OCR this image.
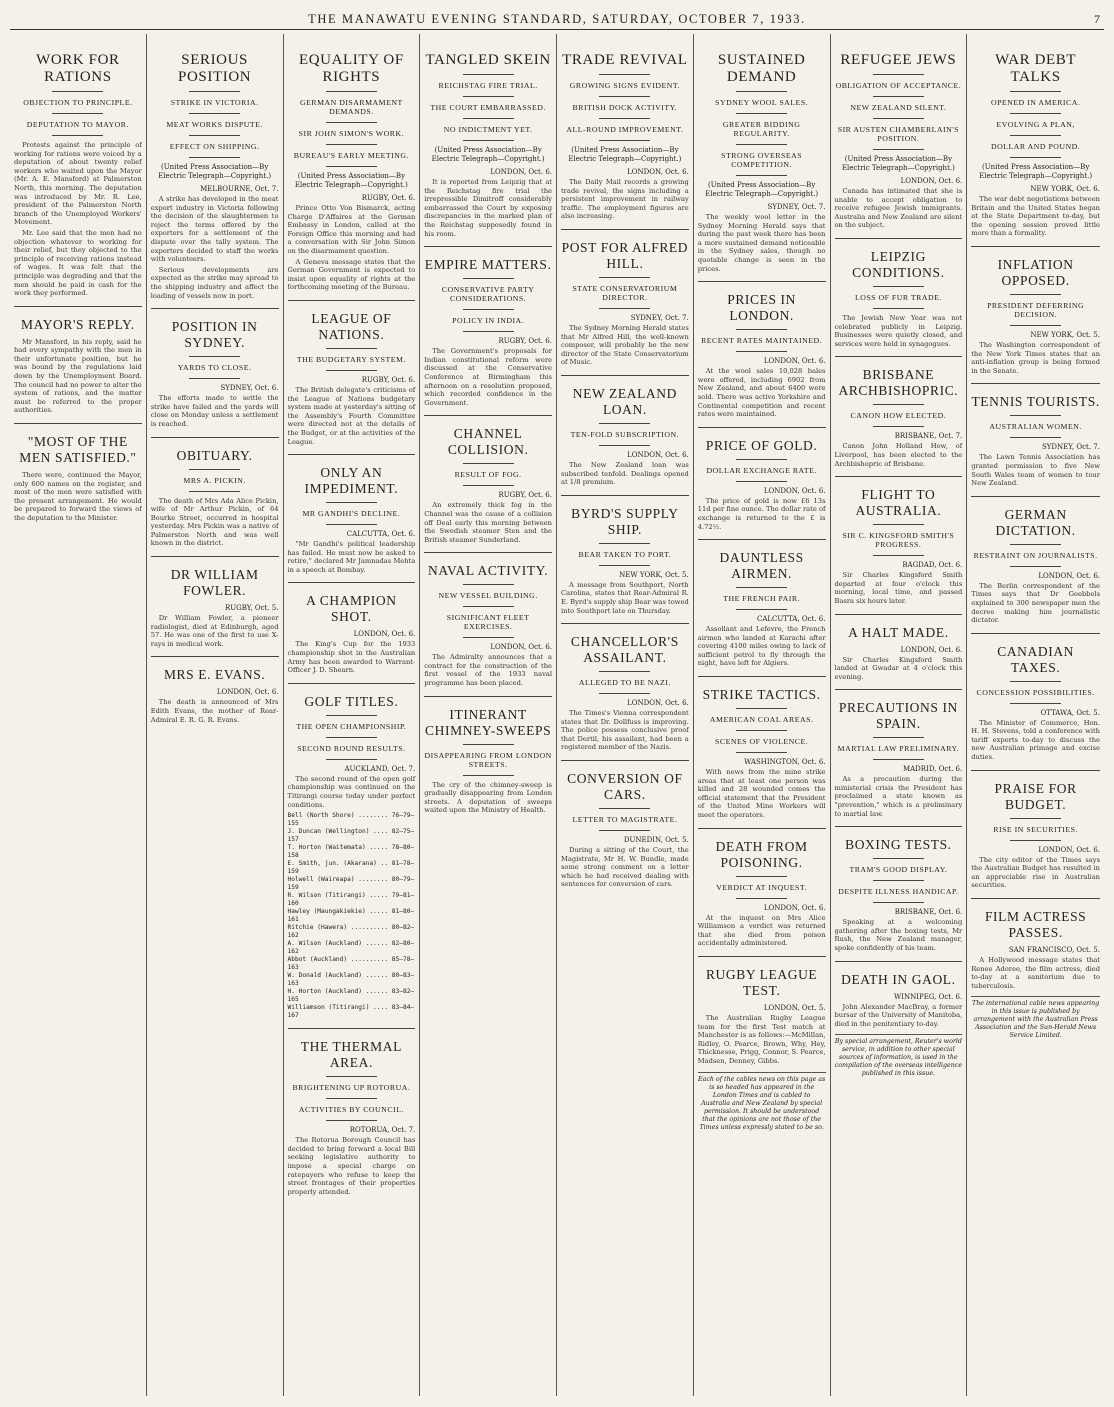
THE MANAWATU EVENING STANDARD, SATURDAY, OCTOBER 7, 1933.	7
WORK FOR RATIONS
OBJECTION TO PRINCIPLE.
DEPUTATION TO MAYOR.

Protests against the principle of working for rations were voiced by a deputation of about twenty relief workers who waited upon the Mayor (Mr. A. E. Mansford) at Palmerston North, this morning. The deputation was introduced by Mr. R. Lee, president of the Palmerston North branch of the Unemployed Workers' Movement.

Mr. Lee said that the men had no objection whatever to working for their relief, but they objected to the principle of receiving rations instead of wages. It was felt that the principle was degrading and that the men should be paid in cash for the work they performed.

MAYOR'S REPLY.

Mr Mansford, in his reply, said he had every sympathy with the men in their unfortunate position, but he was bound by the regulations laid down by the Unemployment Board. The council had no power to alter the system of rations, and the matter must be referred to the proper authorities.

"MOST OF THE MEN SATISFIED."

There were, continued the Mayor, only 600 names on the register, and most of the men were satisfied with the present arrangement. He would be prepared to forward the views of the deputation to the Minister.

SERIOUS POSITION
STRIKE IN VICTORIA.
MEAT WORKS DISPUTE.
EFFECT ON SHIPPING.
(United Press Association—By Electric Telegraph—Copyright.)
MELBOURNE, Oct. 7.

A strike has developed in the meat export industry in Victoria following the decision of the slaughtermen to reject the terms offered by the exporters for a settlement of the dispute over the tally system. The exporters decided to staff the works with volunteers.

Serious developments are expected as the strike may spread to the shipping industry and affect the loading of vessels now in port.

POSITION IN SYDNEY.
YARDS TO CLOSE.
SYDNEY, Oct. 6.

The efforts made to settle the strike have failed and the yards will close on Monday unless a settlement is reached.

OBITUARY.
MRS A. PICKIN.

The death of Mrs Ada Alice Pickin, wife of Mr Arthur Pickin, of 64 Bourke Street, occurred in hospital yesterday. Mrs Pickin was a native of Palmerston North and was well known in the district.

DR WILLIAM FOWLER.
RUGBY, Oct. 5.

Dr William Fowler, a pioneer radiologist, died at Edinburgh, aged 57. He was one of the first to use X-rays in medical work.

MRS E. EVANS.
LONDON, Oct. 6.

The death is announced of Mrs Edith Evans, the mother of Rear-Admiral E. R. G. R. Evans.

EQUALITY OF RIGHTS
GERMAN DISARMAMENT DEMANDS.
SIR JOHN SIMON'S WORK.
BUREAU'S EARLY MEETING.
(United Press Association—By Electric Telegraph—Copyright.)
RUGBY, Oct. 6.

Prince Otto Von Bismarck, acting Charge D'Affaires at the German Embassy in London, called at the Foreign Office this morning and had a conversation with Sir John Simon on the disarmament question.

A Geneva message states that the German Government is expected to insist upon equality of rights at the forthcoming meeting of the Bureau.

LEAGUE OF NATIONS.
THE BUDGETARY SYSTEM.
RUGBY, Oct. 6.

The British delegate's criticisms of the League of Nations budgetary system made at yesterday's sitting of the Assembly's Fourth Committee were directed not at the details of the Budget, or at the activities of the League.

ONLY AN IMPEDIMENT.
MR GANDHI'S DECLINE.
CALCUTTA, Oct. 6.

"Mr Gandhi's political leadership has failed. He must now be asked to retire," declared Mr Jamnadas Mehta in a speech at Bombay.

A CHAMPION SHOT.
LONDON, Oct. 6.

The King's Cup for the 1933 championship shot in the Australian Army has been awarded to Warrant-Officer J. D. Shearn.

GOLF TITLES.
THE OPEN CHAMPIONSHIP.
SECOND ROUND RESULTS.
AUCKLAND, Oct. 7.

The second round of the open golf championship was continued on the Titirangi course today under perfect conditions.

Bell (North Shore) ........ 76—79—155
J. Duncan (Wellington) .... 82—75—157
T. Horton (Waitemata) ..... 78—80—158
E. Smith, jun. (Akarana) .. 81—78—159
Holwell (Waireapa) ........ 80—79—159
R. Wilson (Titirangi) ..... 79—81—160
Hawley (Maungakiekie) ..... 81—80—161
Ritchie (Hawera) .......... 80—82—162
A. Wilson (Auckland) ...... 82—80—162
Abbot (Auckland) .......... 85—78—163
W. Donald (Auckland) ...... 80—83—163
H. Horton (Auckland) ...... 83—82—165
Williamson (Titirangi) .... 83—84—167
THE THERMAL AREA.
BRIGHTENING UP ROTORUA.
ACTIVITIES BY COUNCIL.
ROTORUA, Oct. 7.

The Rotorua Borough Council has decided to bring forward a local Bill seeking legislative authority to impose a special charge on ratepayers who refuse to keep the street frontages of their properties properly attended.

TANGLED SKEIN
REICHSTAG FIRE TRIAL.
THE COURT EMBARRASSED.
NO INDICTMENT YET.
(United Press Association—By Electric Telegraph—Copyright.)
LONDON, Oct. 6.

It is reported from Leipzig that at the Reichstag fire trial the irrepressible Dimitroff considerably embarrassed the Court by exposing discrepancies in the marked plan of the Reichstag supposedly found in his room.

EMPIRE MATTERS.
CONSERVATIVE PARTY CONSIDERATIONS.
POLICY IN INDIA.
RUGBY, Oct. 6.

The Government's proposals for Indian constitutional reform were discussed at the Conservative Conference at Birmingham this afternoon on a resolution proposed, which recorded confidence in the Government.

CHANNEL COLLISION.
RESULT OF FOG.
RUGBY, Oct. 6.

An extremely thick fog in the Channel was the cause of a collision off Deal early this morning between the Swedish steamer Sten and the British steamer Sunderland.

NAVAL ACTIVITY.
NEW VESSEL BUILDING.
SIGNIFICANT FLEET EXERCISES.
LONDON, Oct. 6.

The Admiralty announces that a contract for the construction of the first vessel of the 1933 naval programme has been placed.

ITINERANT CHIMNEY-SWEEPS
DISAPPEARING FROM LONDON STREETS.

The cry of the chimney-sweep is gradually disappearing from London streets. A deputation of sweeps waited upon the Ministry of Health.

TRADE REVIVAL
GROWING SIGNS EVIDENT.
BRITISH DOCK ACTIVITY.
ALL-ROUND IMPROVEMENT.
(United Press Association—By Electric Telegraph—Copyright.)
LONDON, Oct. 6.

The Daily Mail records a growing trade revival, the signs including a persistent improvement in railway traffic. The employment figures are also increasing.

POST FOR ALFRED HILL.
STATE CONSERVATORIUM DIRECTOR.
SYDNEY, Oct. 7.

The Sydney Morning Herald states that Mr Alfred Hill, the well-known composer, will probably be the new director of the State Conservatorium of Music.

NEW ZEALAND LOAN.
TEN-FOLD SUBSCRIPTION.
LONDON, Oct. 6.

The New Zealand loan was subscribed tenfold. Dealings opened at 1/8 premium.

BYRD'S SUPPLY SHIP.
BEAR TAKEN TO PORT.
NEW YORK, Oct. 5.

A message from Southport, North Carolina, states that Rear-Admiral R. E. Byrd's supply ship Bear was towed into Southport late on Thursday.

CHANCELLOR'S ASSAILANT.
ALLEGED TO BE NAZI.
LONDON, Oct. 6.

The Times's Vienna correspondent states that Dr. Dollfuss is improving. The police possess conclusive proof that Dertil, his assailant, had been a registered member of the Nazis.

CONVERSION OF CARS.
LETTER TO MAGISTRATE.
DUNEDIN, Oct. 5.

During a sitting of the Court, the Magistrate, Mr H. W. Bundle, made some strong comment on a letter which he had received dealing with sentences for conversion of cars.

SUSTAINED DEMAND
SYDNEY WOOL SALES.
GREATER BIDDING REGULARITY.
STRONG OVERSEAS COMPETITION.
(United Press Association—By Electric Telegraph—Copyright.)
SYDNEY, Oct. 7.

The weekly wool letter in the Sydney Morning Herald says that during the past week there has been a more sustained demand noticeable in the Sydney sales, though no quotable change is seen in the prices.

PRICES IN LONDON.
RECENT RATES MAINTAINED.
LONDON, Oct. 6.

At the wool sales 10,028 bales were offered, including 6902 from New Zealand, and about 6400 were sold. There was active Yorkshire and Continental competition and recent rates were maintained.

PRICE OF GOLD.
DOLLAR EXCHANGE RATE.
LONDON, Oct. 6.

The price of gold is now £6 13s 11d per fine ounce. The dollar rate of exchange is returned to the £ is 4.72½.

DAUNTLESS AIRMEN.
THE FRENCH PAIR.
CALCUTTA, Oct. 6.

Assollant and Lefevre, the French airmen who landed at Karachi after covering 4100 miles owing to lack of sufficient petrol to fly through the night, have left for Algiers.

STRIKE TACTICS.
AMERICAN COAL AREAS.
SCENES OF VIOLENCE.
WASHINGTON, Oct. 6.

With news from the mine strike areas that at least one person was killed and 28 wounded comes the official statement that the President of the United Mine Workers will meet the operators.

DEATH FROM POISONING.
VERDICT AT INQUEST.
LONDON, Oct. 6.

At the inquest on Mrs Alice Williamson a verdict was returned that she died from poison accidentally administered.

RUGBY LEAGUE TEST.
LONDON, Oct. 5.

The Australian Rugby League team for the first Test match at Manchester is as follows:—McMillan, Ridley, O. Pearce, Brown, Why, Hey, Thicknesse, Prigg, Connor, S. Pearce, Madsen, Denney, Gibbs.

Each of the cables news on this page as is so headed has appeared in the London Times and is cabled to Australia and New Zealand by special permission. It should be understood that the opinions are not those of the Times unless expressly stated to be so.
REFUGEE JEWS
OBLIGATION OF ACCEPTANCE.
NEW ZEALAND SILENT.
SIR AUSTEN CHAMBERLAIN'S POSITION.
(United Press Association—By Electric Telegraph—Copyright.)
LONDON, Oct. 6.

Canada has intimated that she is unable to accept obligation to receive refugee Jewish immigrants. Australia and New Zealand are silent on the subject.

LEIPZIG CONDITIONS.
LOSS OF FUR TRADE.

The Jewish New Year was not celebrated publicly in Leipzig. Businesses were quietly closed, and services were held in synagogues.

BRISBANE ARCHBISHOPRIC.
CANON HOW ELECTED.
BRISBANE, Oct. 7.

Canon John Holland How, of Liverpool, has been elected to the Archbishopric of Brisbane.

FLIGHT TO AUSTRALIA.
SIR C. KINGSFORD SMITH'S PROGRESS.
BAGDAD, Oct. 6.

Sir Charles Kingsford Smith departed at four o'clock this morning, local time, and passed Basra six hours later.

A HALT MADE.
LONDON, Oct. 6.

Sir Charles Kingsford Smith landed at Gwadar at 4 o'clock this evening.

PRECAUTIONS IN SPAIN.
MARTIAL LAW PRELIMINARY.
MADRID, Oct. 6.

As a precaution during the ministerial crisis the President has proclaimed a state known as "prevention," which is a preliminary to martial law.

BOXING TESTS.
TRAM'S GOOD DISPLAY.
DESPITE ILLNESS HANDICAP.
BRISBANE, Oct. 6.

Speaking at a welcoming gathering after the boxing tests, Mr Rush, the New Zealand manager, spoke confidently of his team.

DEATH IN GAOL.
WINNIPEG, Oct. 6.

John Alexander MacBray, a former bursar of the University of Manitoba, died in the penitentiary to-day.

By special arrangement, Reuter's world service, in addition to other special sources of information, is used in the compilation of the overseas intelligence published in this issue.
WAR DEBT TALKS
OPENED IN AMERICA.
EVOLVING A PLAN,
DOLLAR AND POUND.
(United Press Association—By Electric Telegraph—Copyright.)
NEW YORK, Oct. 6.

The war debt negotiations between Britain and the United States began at the State Department to-day, but the opening session proved little more than a formality.

INFLATION OPPOSED.
PRESIDENT DEFERRING DECISION.
NEW YORK, Oct. 5.

The Washington correspondent of the New York Times states that an anti-inflation group is being formed in the Senate.

TENNIS TOURISTS.
AUSTRALIAN WOMEN.
SYDNEY, Oct. 7.

The Lawn Tennis Association has granted permission to five New South Wales team of women to tour New Zealand.

GERMAN DICTATION.
RESTRAINT ON JOURNALISTS.
LONDON, Oct. 6.

The Berlin correspondent of the Times says that Dr Goebbels explained to 300 newspaper men the decree making him journalistic dictator.

CANADIAN TAXES.
CONCESSION POSSIBILITIES.
OTTAWA, Oct. 5.

The Minister of Commerce, Hon. H. H. Stevens, told a conference with tariff experts to-day to discuss the new Australian primage and excise duties.

PRAISE FOR BUDGET.
RISE IN SECURITIES.
LONDON, Oct. 6.

The city editor of the Times says the Australian Budget has resulted in an appreciable rise in Australian securities.

FILM ACTRESS PASSES.
SAN FRANCISCO, Oct. 5.

A Hollywood message states that Renee Adoree, the film actress, died to-day at a sanitorium due to tuberculosis.

The international cable news appearing in this issue is published by arrangement with the Australian Press Association and the Sun-Herald News Service Limited.
